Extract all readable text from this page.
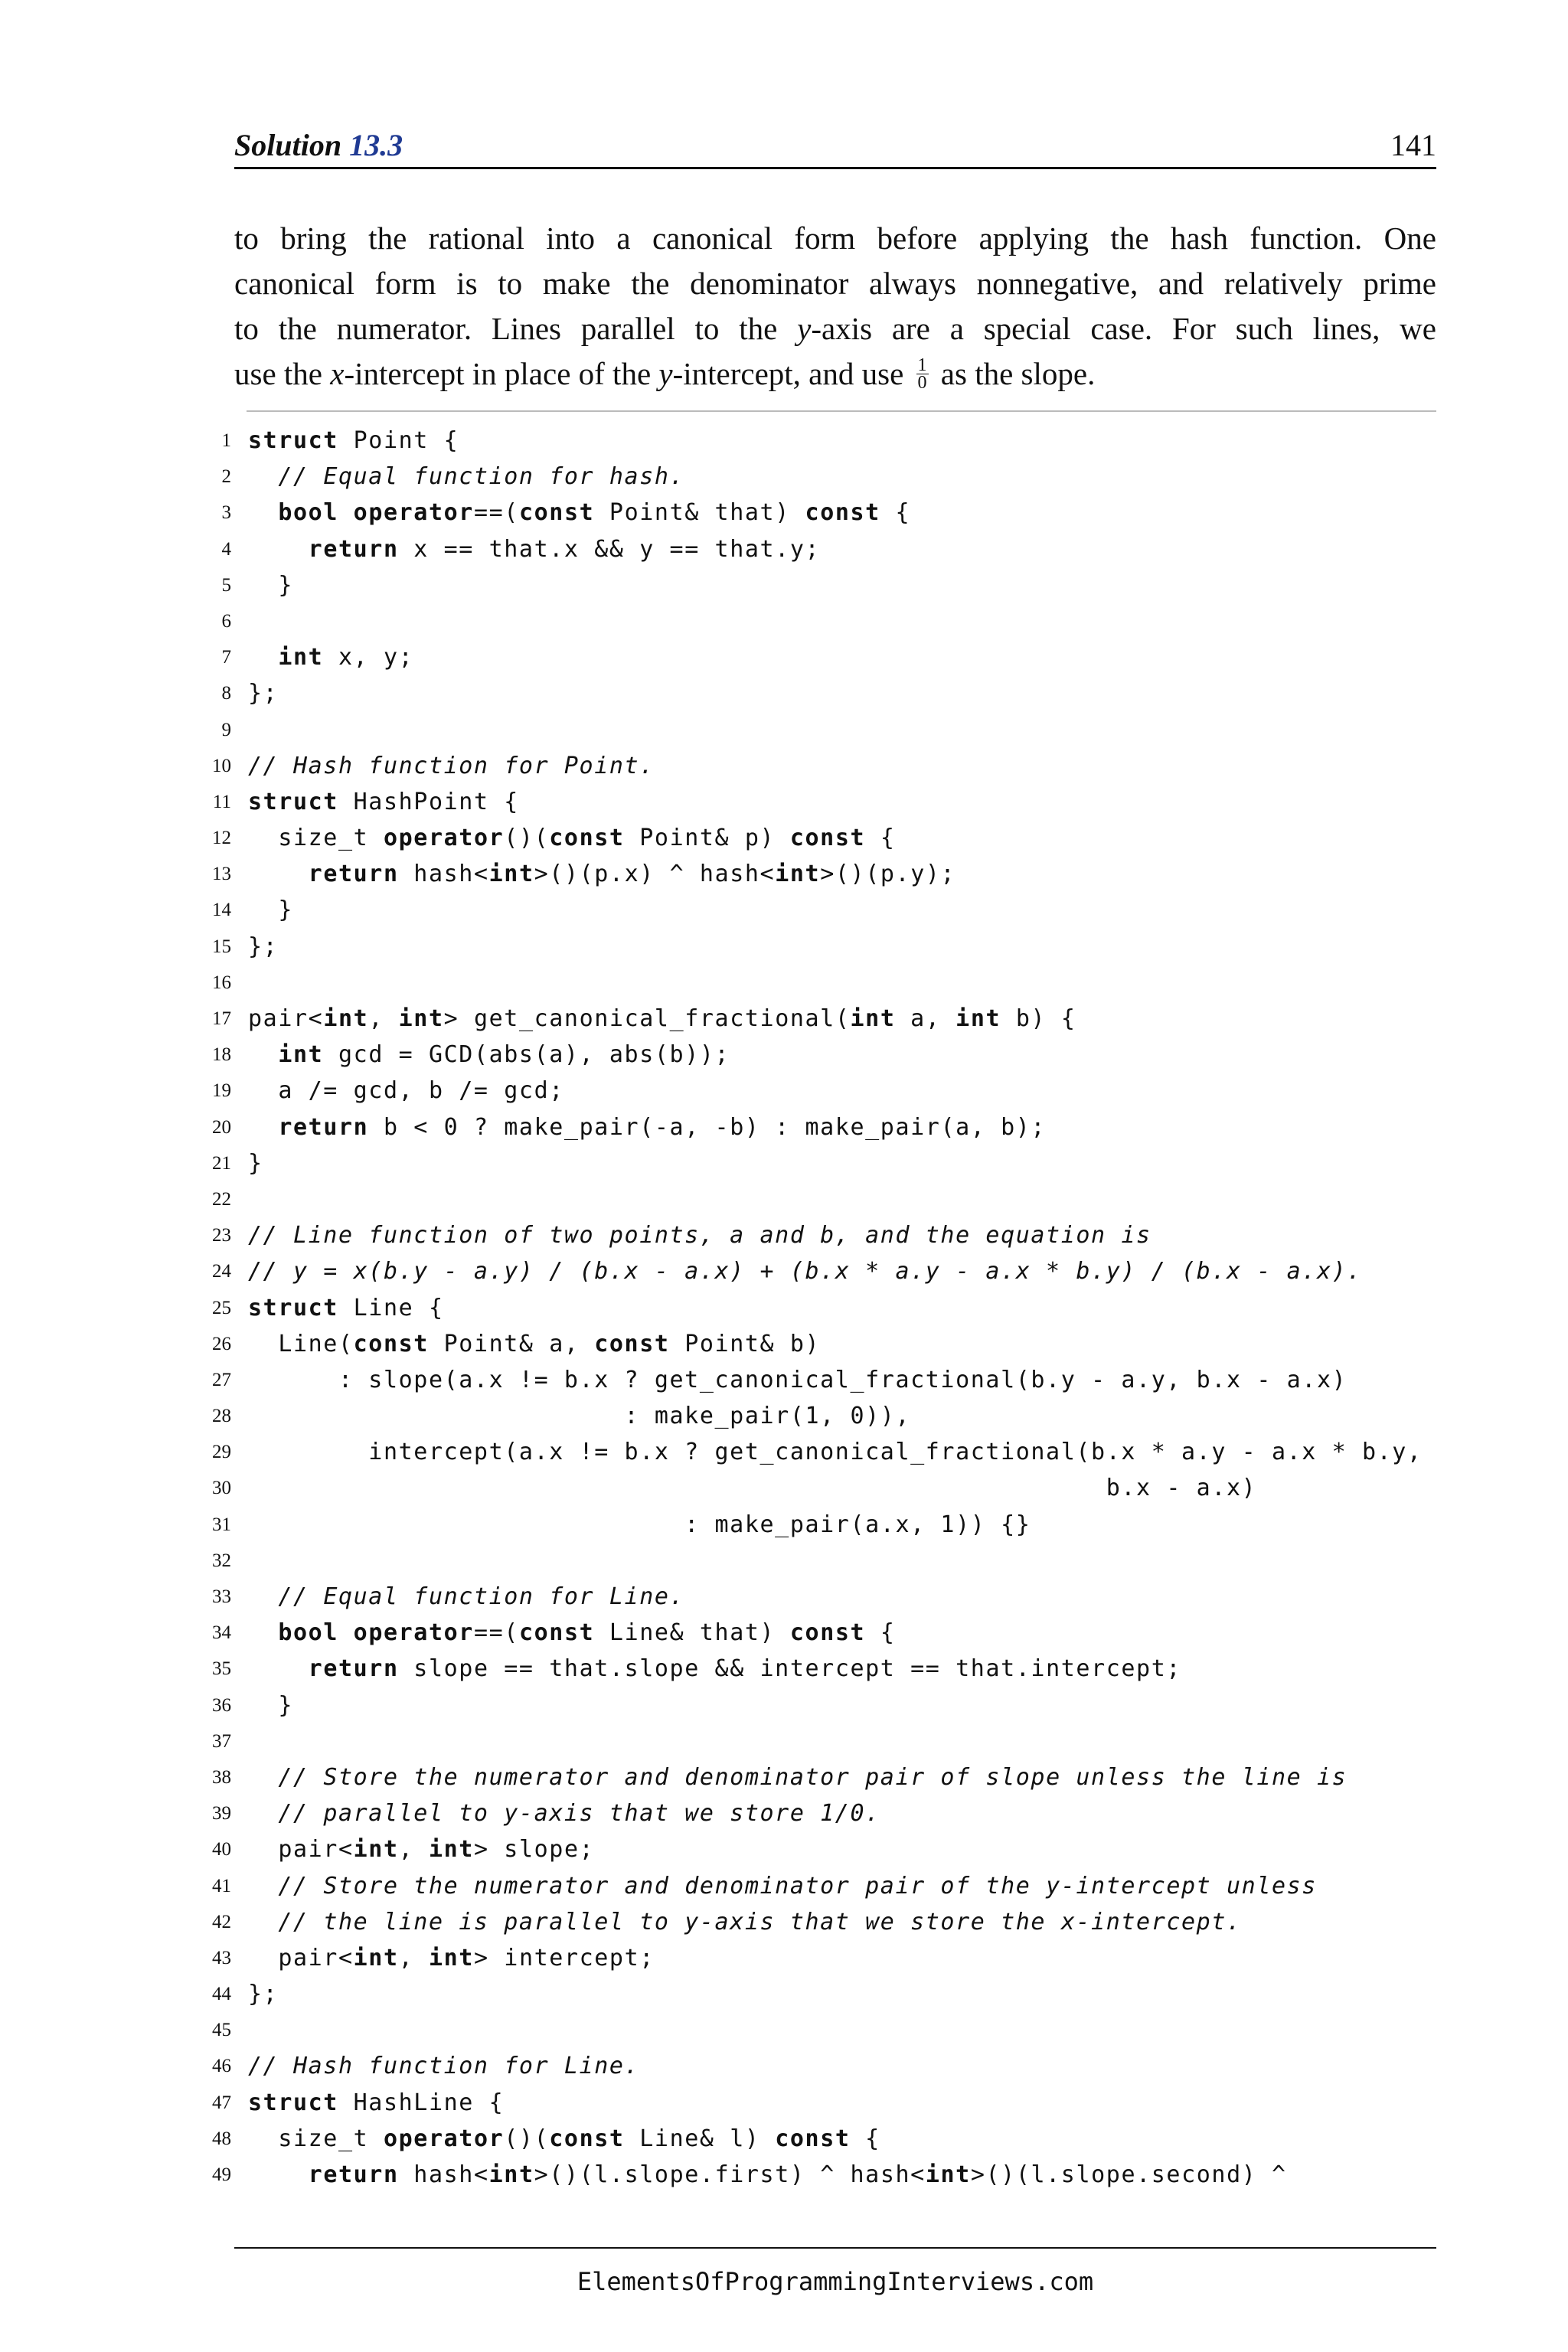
Solution 13.3	141
to bring the rational into a canonical form before applying the hash function. One
canonical form is to make the denominator always nonnegative, and relatively prime
to the numerator. Lines parallel to the y-axis are a special case. For such lines, we
use the x-intercept in place of the y-intercept, and use $\frac{1}{0}$ as the slope.
1 struct Point {
2	// Equal function for hash.
3	bool operator==(const Point& that) const {
4	return x == that.x && y == that.y;
5 }
6
7	int x, y;
8 };
9
10 // Hash function for Point.
11 struct HashPoint {
12 size_t operator()(const Point& p) const {
13	return hash<int>()(p.x) ^ hash<int>()(p.y);
14 }
15 };
16
17 pair<int, int> get_canonical_fractional(int a, int b) {
18	int gcd = GCD(abs(a), abs(b));
19 a /= gcd, b /= gcd;
20	return b < 0 ? make_pair(-a, -b) : make_pair(a, b);
21 }
22
23 // Line function of two points, a and b, and the equation is
24 // y = x(b.y - a.y) / (b.x - a.x) + (b.x * a.y - a.x * b.y) / (b.x - a.x).
25 struct Line {
26 Line(const Point& a, const Point& b)
27 : slope(a.x != b.x ? get_canonical_fractional(b.y - a.y, b.x - a.x)
28 : make_pair(1, 0)),
29 intercept(a.x != b.x ? get_canonical_fractional(b.x * a.y - a.x * b.y,
30 b.x - a.x)
31 : make_pair(a.x, 1)) {}
32
33	// Equal function for Line.
34	bool operator==(const Line& that) const {
35	return slope == that.slope && intercept == that.intercept;
36 }
37
38	// Store the numerator and denominator pair of slope unless the line is
39	// parallel to y-axis that we store 1/0.
40 pair<int, int> slope;
41	// Store the numerator and denominator pair of the y-intercept unless
42	// the line is parallel to y-axis that we store the x-intercept.
43 pair<int, int> intercept;
44 };
45
46 // Hash function for Line.
47 struct HashLine {
48 size_t operator()(const Line& l) const {
49	return hash<int>()(l.slope.first) ^ hash<int>()(l.slope.second) ^
ElementsOfProgrammingInterviews.com
